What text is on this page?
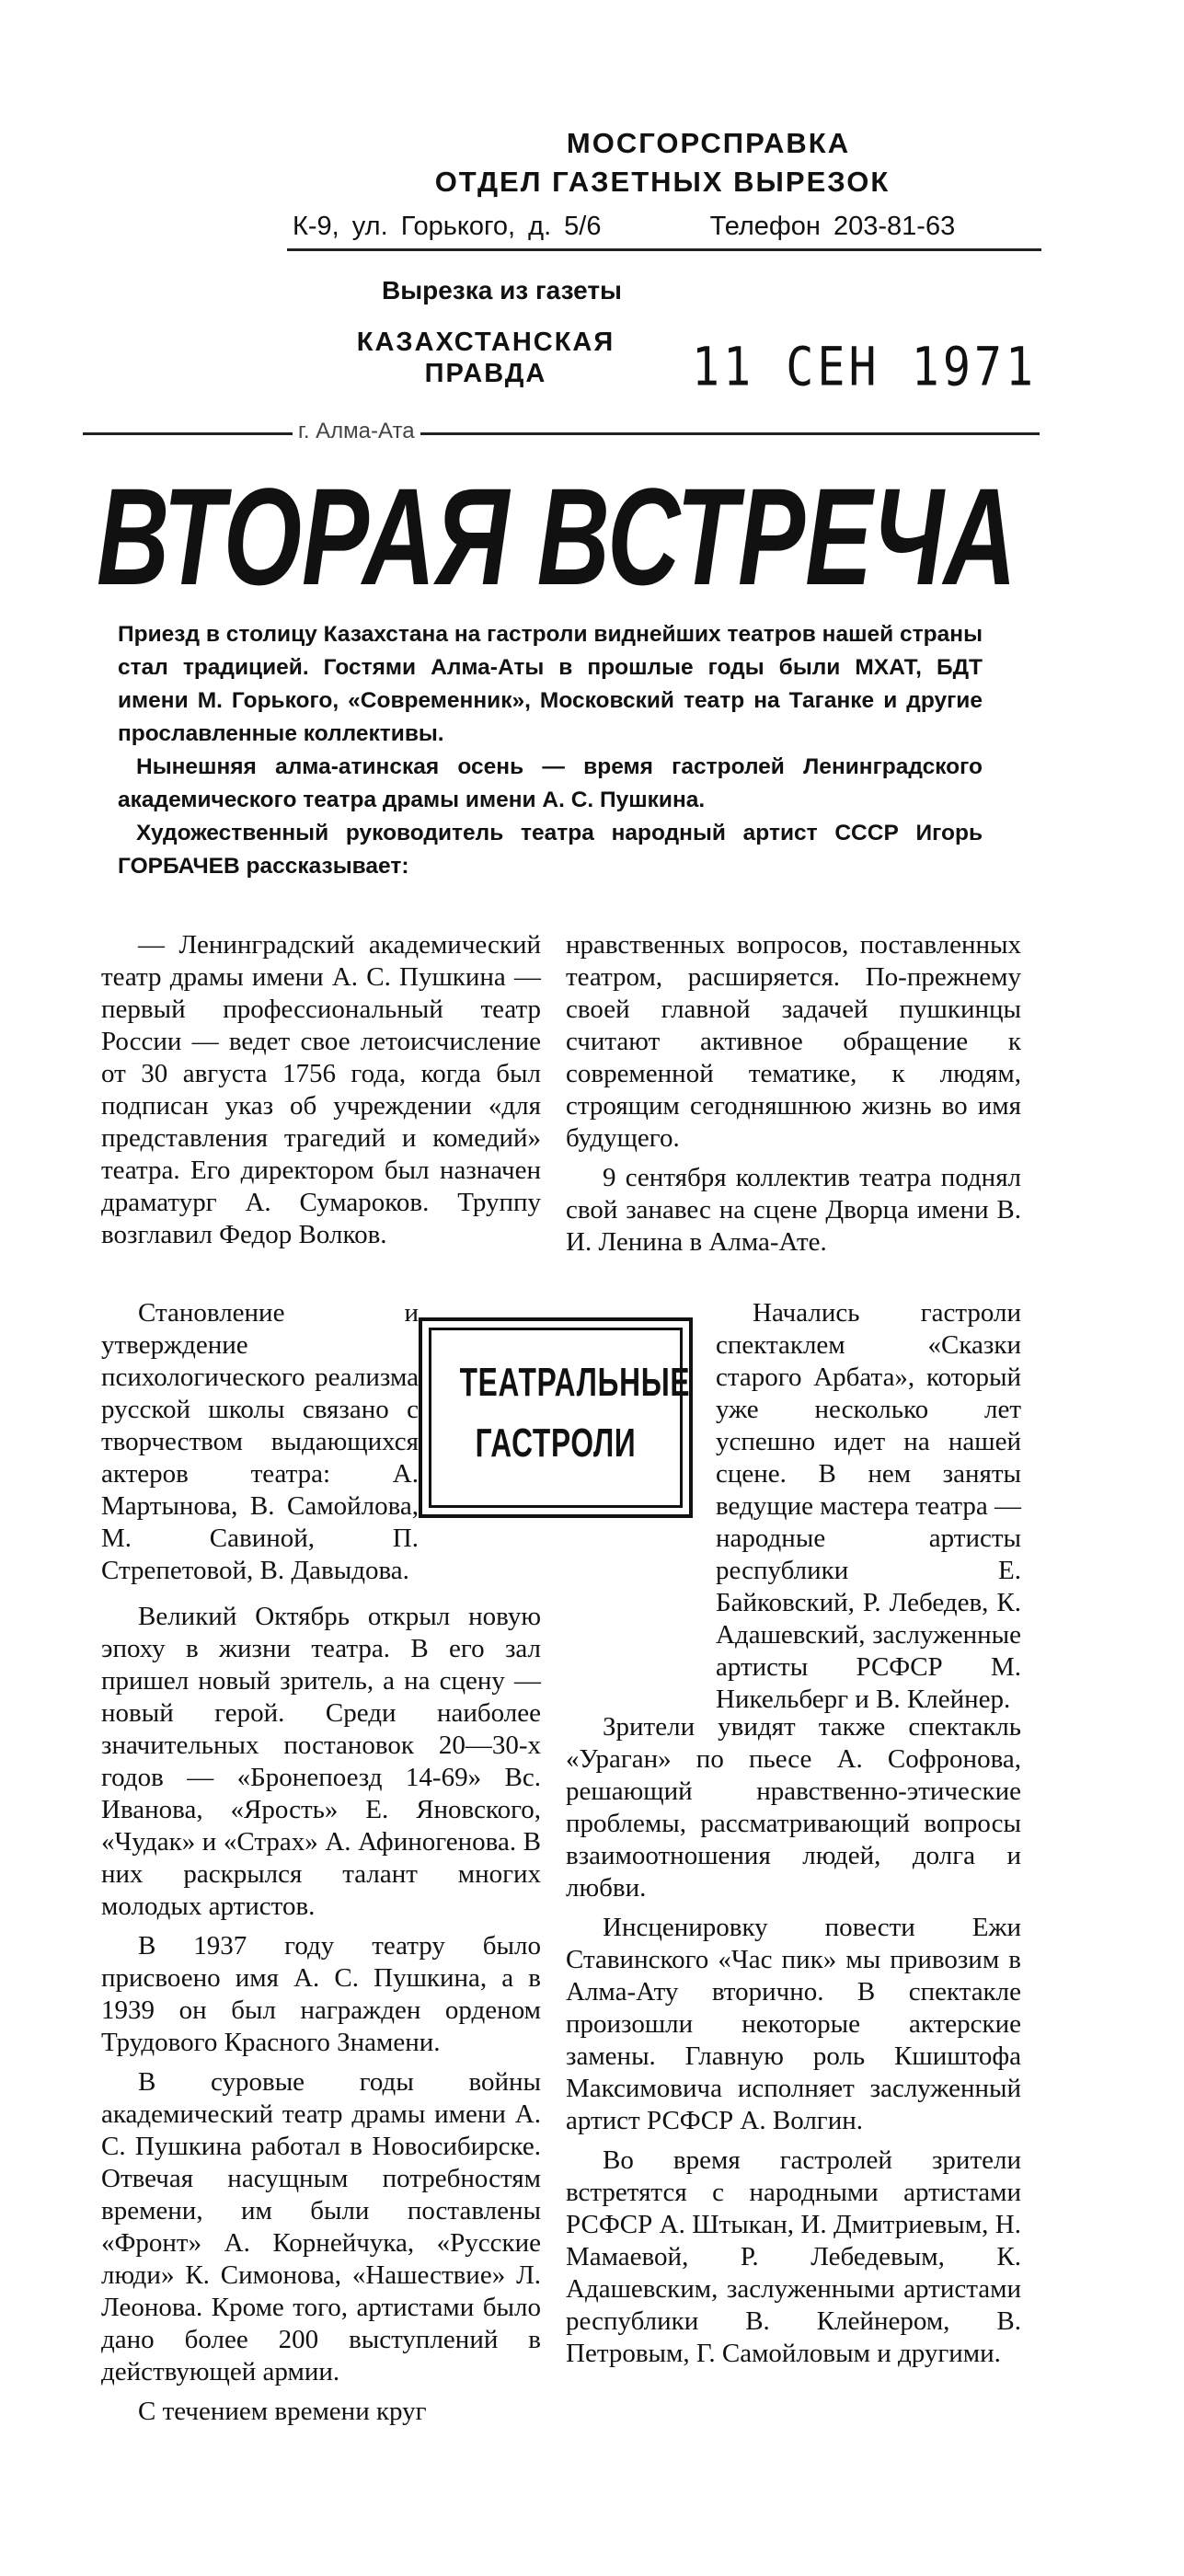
МОСГОРСПРАВКА
ОТДЕЛ ГАЗЕТНЫХ ВЫРЕЗОК
К-9, ул. Горького, д. 5/6	Телефон 203-81-63
Вырезка из газеты
КАЗАХСТАНСКАЯ
ПРАВДА	11 СЕН 1971
г. Алма-Ата
ВТОРАЯ ВСТРЕЧА

Приезд в столицу Казахстана на гастроли виднейших театров нашей страны стал традицией. Гостями Алма-Аты в прошлые годы были МХАТ, БДТ имени М. Горького, «Современник», Московский театр на Таганке и другие прославленные коллективы.

Нынешняя алма-атинская осень — время гастролей Ленинградского академического театра драмы имени А. С. Пушкина.

Художественный руководитель театра народный артист СССР Игорь ГОРБАЧЕВ рассказывает:

— Ленинградский академический театр драмы имени А. С. Пушкина — первый профессиональный театр России — ведет свое летоисчисление от 30 августа 1756 года, когда был подписан указ об учреждении «для представления трагедий и комедий» театра. Его директором был назначен драматург А. Сумароков. Труппу возглавил Федор Волков.

Становление и утверждение психологического реализма русской школы связано с творчеством выдающихся актеров театра: А. Мартынова, В. Самойлова, М. Савиной, П. Стрепетовой, В. Давыдова.

Великий Октябрь открыл новую эпоху в жизни театра. В его зал пришел новый зритель, а на сцену — новый герой. Среди наиболее значительных постановок 20—30-х годов — «Бронепоезд 14-69» Вс. Иванова, «Ярость» Е. Яновского, «Чудак» и «Страх» А. Афиногенова. В них раскрылся талант многих молодых артистов.

В 1937 году театру было присвоено имя А. С. Пушкина, а в 1939 он был награжден орденом Трудового Красного Знамени.

В суровые годы войны академический театр драмы имени А. С. Пушкина работал в Новосибирске. Отвечая насущным потребностям времени, им были поставлены «Фронт» А. Корнейчука, «Русские люди» К. Симонова, «Нашествие» Л. Леонова. Кроме того, артистами было дано более 200 выступлений в действующей армии.

С течением времени круг

нравственных вопросов, поставленных театром, расширяется. По-прежнему своей главной задачей пушкинцы считают активное обращение к современной тематике, к людям, строящим сегодняшнюю жизнь во имя будущего.

9 сентября коллектив театра поднял свой занавес на сцене Дворца имени В. И. Ленина в Алма-Ате.

Начались гастроли спектаклем «Сказки старого Арбата», который уже несколько лет успешно идет на нашей сцене. В нем заняты ведущие мастера театра — народные артисты республики Е. Байковский, Р. Лебедев, К. Адашевский, заслуженные артисты РСФСР М. Никельберг и В. Клейнер.

Зрители увидят также спектакль «Ураган» по пьесе А. Софронова, решающий нравственно-этические проблемы, рассматривающий вопросы взаимоотношения людей, долга и любви.

Инсценировку повести Ежи Ставинского «Час пик» мы привозим в Алма-Ату вторично. В спектакле произошли некоторые актерские замены. Главную роль Кшиштофа Максимовича исполняет заслуженный артист РСФСР А. Волгин.

Во время гастролей зрители встретятся с народными артистами РСФСР А. Штыкан, И. Дмитриевым, Н. Мамаевой, Р. Лебедевым, К. Адашевским, заслуженными артистами республики В. Клейнером, В. Петровым, Г. Самойловым и другими.

ТЕАТРАЛЬНЫЕ
ГАСТРОЛИ
